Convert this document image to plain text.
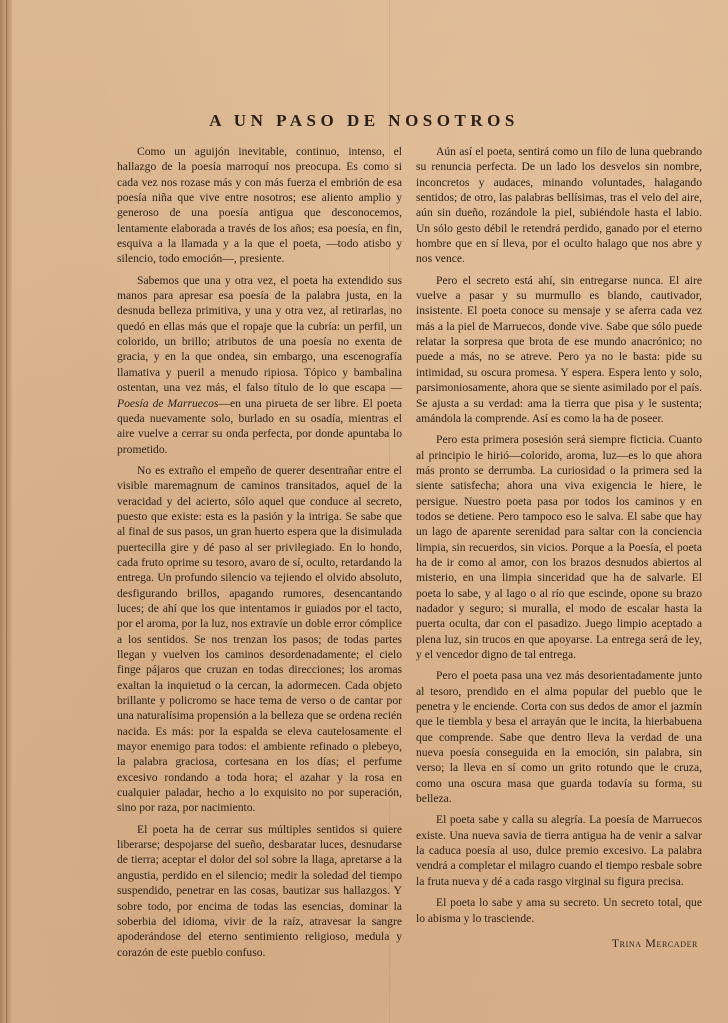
A UN PASO DE NOSOTROS

Como un aguijón inevitable, continuo, intenso, el hallazgo de la poesía marroquí nos preocupa. Es como si cada vez nos rozase más y con más fuerza el embrión de esa poesía niña que vive entre nosotros; ese aliento amplio y generoso de una poesía antigua que desconocemos, lentamente elaborada a través de los años; esa poesía, en fin, esquiva a la llamada y a la que el poeta, —todo atisbo y silencio, todo emoción—, presiente.

Sabemos que una y otra vez, el poeta ha extendido sus manos para apresar esa poesía de la palabra justa, en la desnuda belleza primitiva, y una y otra vez, al retirarlas, no quedó en ellas más que el ropaje que la cubría: un perfil, un colorido, un brillo; atributos de una poesía no exenta de gracia, y en la que ondea, sin embargo, una escenografía llamativa y pueril a menudo ripiosa. Tópico y bambalina ostentan, una vez más, el falso título de lo que escapa —Poesía de Marruecos—en una pirueta de ser libre. El poeta queda nuevamente solo, burlado en su osadía, mientras el aire vuelve a cerrar su onda perfecta, por donde apuntaba lo prometido.

No es extraño el empeño de querer desentrañar entre el visible maremagnum de caminos transitados, aquel de la veracidad y del acierto, sólo aquel que conduce al secreto, puesto que existe: esta es la pasión y la intriga. Se sabe que al final de sus pasos, un gran huerto espera que la disimulada puertecilla gire y dé paso al ser privilegiado. En lo hondo, cada fruto oprime su tesoro, avaro de sí, oculto, retardando la entrega. Un profundo silencio va tejiendo el olvido absoluto, desfigurando brillos, apagando rumores, desencantando luces; de ahí que los que intentamos ir guiados por el tacto, por el aroma, por la luz, nos extravíe un doble error cómplice a los sentidos. Se nos trenzan los pasos; de todas partes llegan y vuelven los caminos desordenadamente; el cielo finge pájaros que cruzan en todas direcciones; los aromas exaltan la inquietud o la cercan, la adormecen. Cada objeto brillante y policromo se hace tema de verso o de cantar por una naturalísima propensión a la belleza que se ordena recién nacida. Es más: por la espalda se eleva cautelosamente el mayor enemigo para todos: el ambiente refinado o plebeyo, la palabra graciosa, cortesana en los días; el perfume excesivo rondando a toda hora; el azahar y la rosa en cualquier paladar, hecho a lo exquisito no por superación, sino por raza, por nacimiento.

El poeta ha de cerrar sus múltiples sentidos si quiere liberarse; despojarse del sueño, desbaratar luces, desnudarse de tierra; aceptar el dolor del sol sobre la llaga, apretarse a la angustia, perdido en el silencio; medir la soledad del tiempo suspendido, penetrar en las cosas, bautizar sus hallazgos. Y sobre todo, por encima de todas las esencias, dominar la soberbia del idioma, vivir de la raíz, atravesar la sangre apoderándose del eterno sentimiento religioso, medula y corazón de este pueblo confuso.

Aún así el poeta, sentirá como un filo de luna quebrando su renuncia perfecta. De un lado los desvelos sin nombre, inconcretos y audaces, minando voluntades, halagando sentidos; de otro, las palabras bellísimas, tras el velo del aire, aún sin dueño, rozándole la piel, subiéndole hasta el labio. Un sólo gesto débil le retendrá perdido, ganado por el eterno hombre que en sí lleva, por el oculto halago que nos abre y nos vence.

Pero el secreto está ahí, sin entregarse nunca. El aire vuelve a pasar y su murmullo es blando, cautivador, insistente. El poeta conoce su mensaje y se aferra cada vez más a la piel de Marruecos, donde vive. Sabe que sólo puede relatar la sorpresa que brota de ese mundo anacrónico; no puede a más, no se atreve. Pero ya no le basta: pide su intimidad, su oscura promesa. Y espera. Espera lento y solo, parsimoniosamente, ahora que se siente asimilado por el país. Se ajusta a su verdad: ama la tierra que pisa y le sustenta; amándola la comprende. Así es como la ha de poseer.

Pero esta primera posesión será siempre ficticia. Cuanto al principio le hirió—colorido, aroma, luz—es lo que ahora más pronto se derrumba. La curiosidad o la primera sed la siente satisfecha; ahora una viva exigencia le hiere, le persigue. Nuestro poeta pasa por todos los caminos y en todos se detiene. Pero tampoco eso le salva. El sabe que hay un lago de aparente serenidad para saltar con la conciencia limpia, sin recuerdos, sin vicios. Porque a la Poesía, el poeta ha de ir como al amor, con los brazos desnudos abiertos al misterio, en una limpia sinceridad que ha de salvarle. El poeta lo sabe, y al lago o al río que escinde, opone su brazo nadador y seguro; si muralla, el modo de escalar hasta la puerta oculta, dar con el pasadizo. Juego limpio aceptado a plena luz, sin trucos en que apoyarse. La entrega será de ley, y el vencedor digno de tal entrega.

Pero el poeta pasa una vez más desorientadamente junto al tesoro, prendido en el alma popular del pueblo que le penetra y le enciende. Corta con sus dedos de amor el jazmín que le tiembla y besa el arrayán que le incita, la hierbabuena que comprende. Sabe que dentro lleva la verdad de una nueva poesía conseguida en la emoción, sin palabra, sin verso; la lleva en sí como un grito rotundo que le cruza, como una oscura masa que guarda todavía su forma, su belleza.

El poeta sabe y calla su alegría. La poesía de Marruecos existe. Una nueva savia de tierra antigua ha de venir a salvar la caduca poesía al uso, dulce premio excesivo. La palabra vendrá a completar el milagro cuando el tiempo resbale sobre la fruta nueva y dé a cada rasgo virginal su figura precisa.

El poeta lo sabe y ama su secreto. Un secreto total, que lo abisma y lo trasciende.

Trina Mercader
